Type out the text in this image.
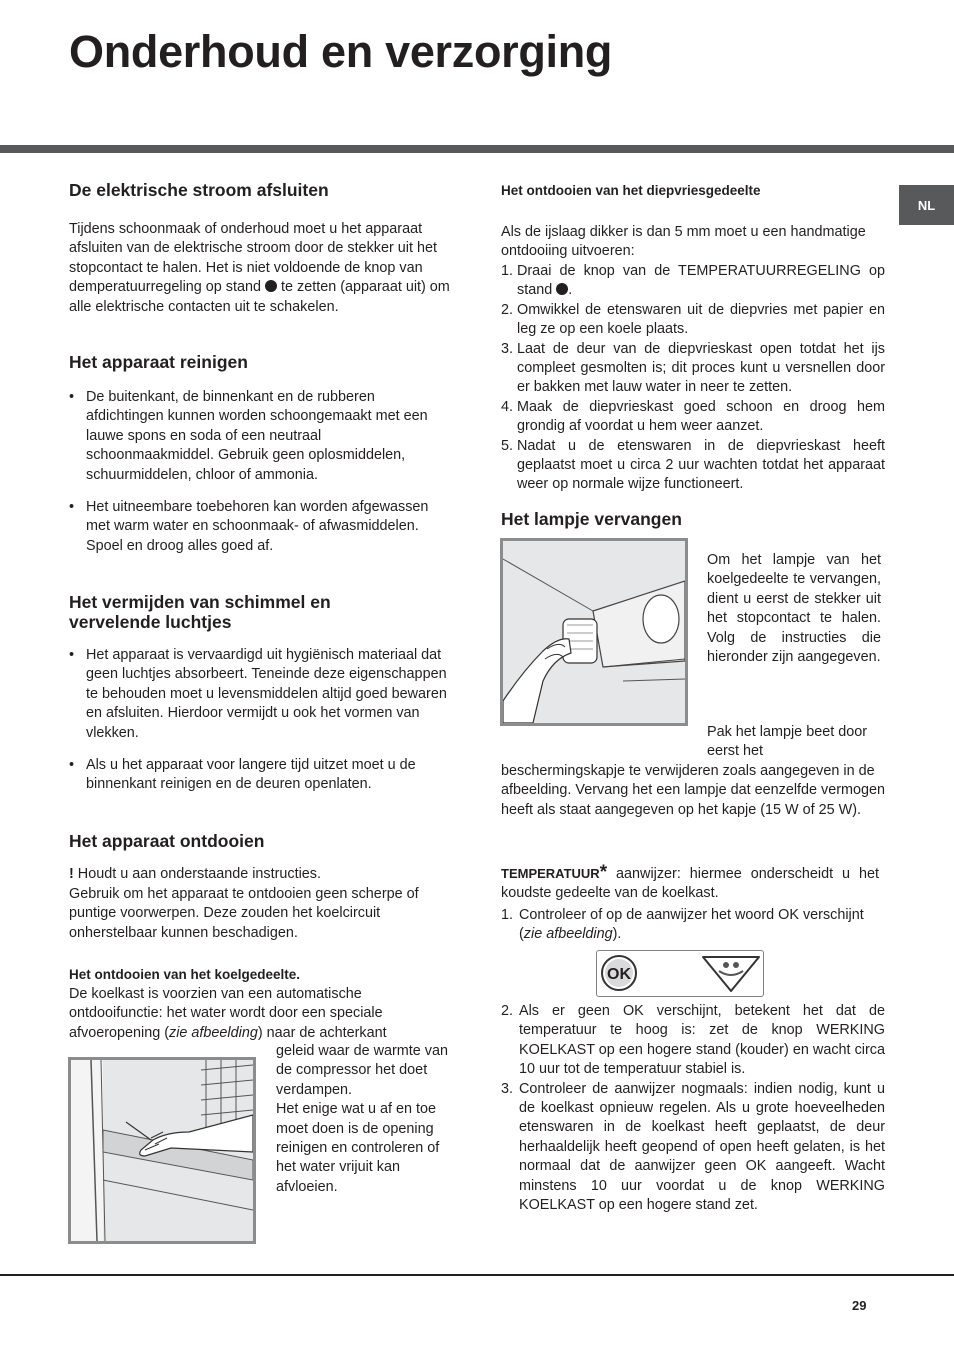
Onderhoud en verzorging
NL
De elektrische stroom afsluiten

Tijdens schoonmaak of onderhoud moet u het apparaat afsluiten van de elektrische stroom door de stekker uit het stopcontact te halen. Het is niet voldoende de knop van demperatuurregeling op stand  te zetten (apparaat uit) om alle elektrische contacten uit te schakelen.

Het apparaat reinigen
• De buitenkant, de binnenkant en de rubberen afdichtingen kunnen worden schoongemaakt met een lauwe spons en soda of een neutraal schoonmaakmiddel. Gebruik geen oplosmiddelen, schuurmiddelen, chloor of ammonia.
• Het uitneembare toebehoren kan worden afgewassen met warm water en schoonmaak- of afwasmiddelen. Spoel en droog alles goed af.
Het vermijden van schimmel en
vervelende luchtjes
• Het apparaat is vervaardigd uit hygiënisch materiaal dat geen luchtjes absorbeert. Teneinde deze eigenschappen te behouden moet u levensmiddelen altijd goed bewaren en afsluiten. Hierdoor vermijdt u ook het vormen van vlekken.
• Als u het apparaat voor langere tijd uitzet moet u de binnenkant reinigen en de deuren openlaten.
Het apparaat ontdooien

! Houdt u aan onderstaande instructies.

Gebruik om het apparaat te ontdooien geen scherpe of puntige voorwerpen. Deze zouden het koelcircuit onherstelbaar kunnen beschadigen.

Het ontdooien van het koelgedeelte.

De koelkast is voorzien van een automatische ontdooifunctie: het water wordt door een speciale afvoeropening (zie afbeelding) naar de achterkant

geleid waar de warmte van de compressor het doet verdampen.
Het enige wat u af en toe moet doen is de opening reinigen en controleren of het water vrijuit kan afvloeien.

Het ontdooien van het diepvriesgedeelte

Als de ijslaag dikker is dan 5 mm moet u een handmatige ontdooiing uitvoeren:

1. Draai de knop van de TEMPERATUURREGELING op stand .
2. Omwikkel de etenswaren uit de diepvries met papier en leg ze op een koele plaats.
3. Laat de deur van de diepvrieskast open totdat het ijs compleet gesmolten is; dit proces kunt u versnellen door er bakken met lauw water in neer te zetten.
4. Maak de diepvrieskast goed schoon en droog hem grondig af voordat u hem weer aanzet.
5. Nadat u de etenswaren in de diepvrieskast heeft geplaatst moet u circa 2 uur wachten totdat het apparaat weer op normale wijze functioneert.
Het lampje vervangen

Om het lampje van het koelgedeelte te vervangen, dient u eerst de stekker uit het stopcontact te halen. Volg de instructies die hieronder zijn aangegeven.

Pak het lampje beet door eerst het

beschermingskapje te verwijderen zoals aangegeven in de afbeelding. Vervang het een lampje dat eenzelfde vermogen heeft als staat aangegeven op het kapje (15 W of 25 W).

TEMPERATUUR* aanwijzer: hiermee onderscheidt u het koudste gedeelte van de koelkast.

1. Controleer of op de aanwijzer het woord OK verschijnt (zie afbeelding).
OK
2. Als er geen OK verschijnt, betekent het dat de temperatuur te hoog is: zet de knop WERKING KOELKAST op een hogere stand (kouder) en wacht circa 10 uur tot de temperatuur stabiel is.
3. Controleer de aanwijzer nogmaals: indien nodig, kunt u de koelkast opnieuw regelen. Als u grote hoeveelheden etenswaren in de koelkast heeft geplaatst, de deur herhaaldelijk heeft geopend of open heeft gelaten, is het normaal dat de aanwijzer geen OK aangeeft. Wacht minstens 10 uur voordat u de knop WERKING KOELKAST op een hogere stand zet.
29
